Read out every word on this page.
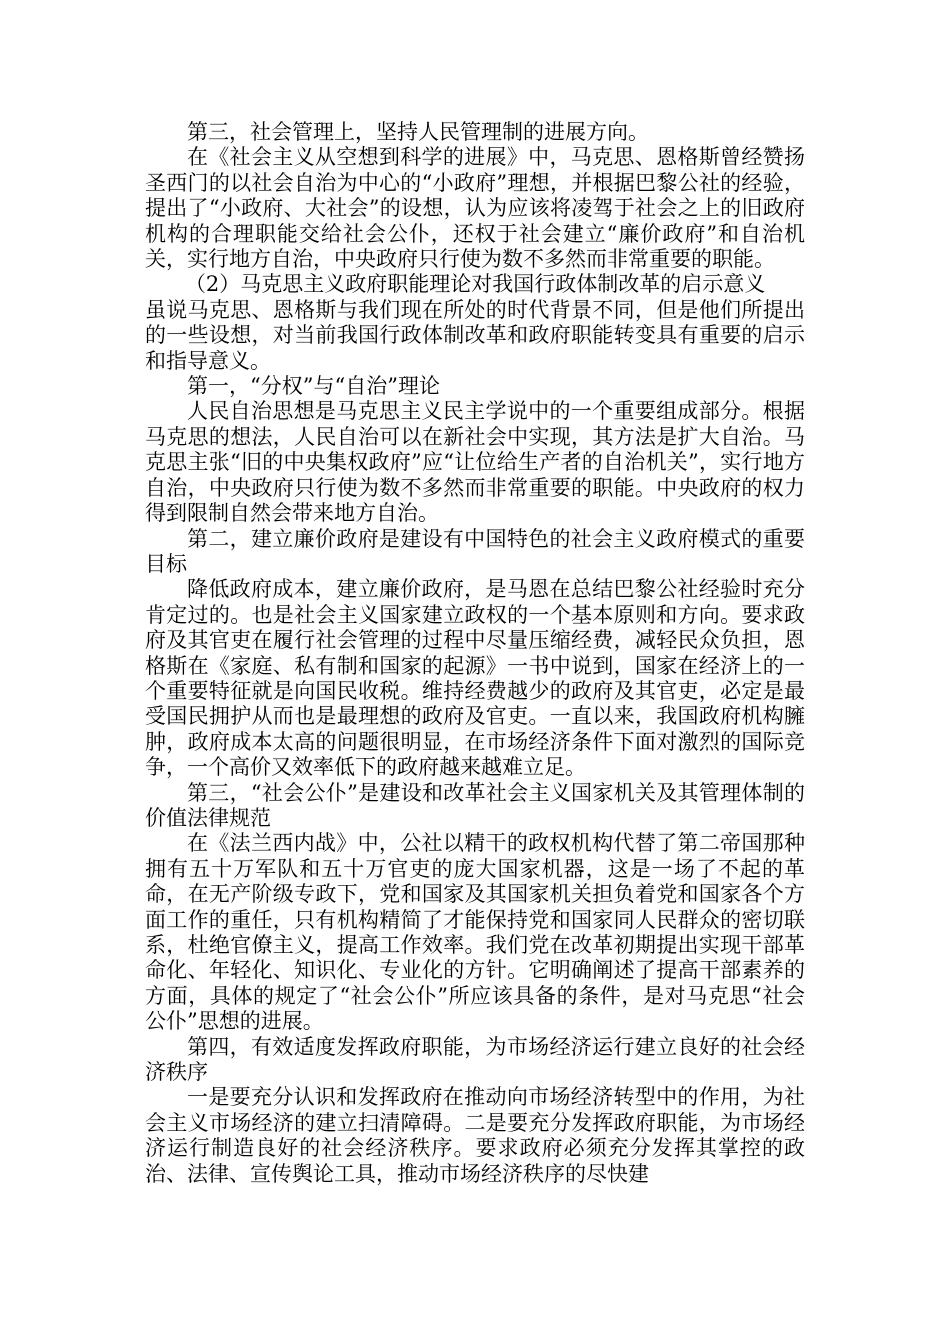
第三，社会管理上，坚持人民管理制的进展方向。

在《社会主义从空想到科学的进展》中，马克思、恩格斯曾经赞扬圣西门的以社会自治为中心的“小政府”理想，并根据巴黎公社的经验，提出了“小政府、大社会”的设想，认为应该将凌驾于社会之上的旧政府机构的合理职能交给社会公仆，还权于社会建立“廉价政府”和自治机关，实行地方自治，中央政府只行使为数不多然而非常重要的职能。

（2）马克思主义政府职能理论对我国行政体制改革的启示意义

虽说马克思、恩格斯与我们现在所处的时代背景不同，但是他们所提出的一些设想，对当前我国行政体制改革和政府职能转变具有重要的启示和指导意义。

第一，“分权”与“自治”理论

人民自治思想是马克思主义民主学说中的一个重要组成部分。根据马克思的想法，人民自治可以在新社会中实现，其方法是扩大自治。马克思主张“旧的中央集权政府”应“让位给生产者的自治机关”，实行地方自治，中央政府只行使为数不多然而非常重要的职能。中央政府的权力得到限制自然会带来地方自治。

第二，建立廉价政府是建设有中国特色的社会主义政府模式的重要目标

降低政府成本，建立廉价政府，是马恩在总结巴黎公社经验时充分肯定过的。也是社会主义国家建立政权的一个基本原则和方向。要求政府及其官吏在履行社会管理的过程中尽量压缩经费，减轻民众负担，恩格斯在《家庭、私有制和国家的起源》一书中说到，国家在经济上的一个重要特征就是向国民收税。维持经费越少的政府及其官吏，必定是最受国民拥护从而也是最理想的政府及官吏。一直以来，我国政府机构臃肿，政府成本太高的问题很明显，在市场经济条件下面对激烈的国际竞争，一个高价又效率低下的政府越来越难立足。

第三，“社会公仆”是建设和改革社会主义国家机关及其管理体制的价值法律规范

在《法兰西内战》中，公社以精干的政权机构代替了第二帝国那种拥有五十万军队和五十万官吏的庞大国家机器，这是一场了不起的革命，在无产阶级专政下，党和国家及其国家机关担负着党和国家各个方面工作的重任，只有机构精简了才能保持党和国家同人民群众的密切联系，杜绝官僚主义，提高工作效率。我们党在改革初期提出实现干部革命化、年轻化、知识化、专业化的方针。它明确阐述了提高干部素养的方面，具体的规定了“社会公仆”所应该具备的条件，是对马克思“社会公仆”思想的进展。

第四，有效适度发挥政府职能，为市场经济运行建立良好的社会经济秩序

一是要充分认识和发挥政府在推动向市场经济转型中的作用，为社会主义市场经济的建立扫清障碍。二是要充分发挥政府职能，为市场经济运行制造良好的社会经济秩序。要求政府必须充分发挥其掌控的政治、法律、宣传舆论工具，推动市场经济秩序的尽快建
